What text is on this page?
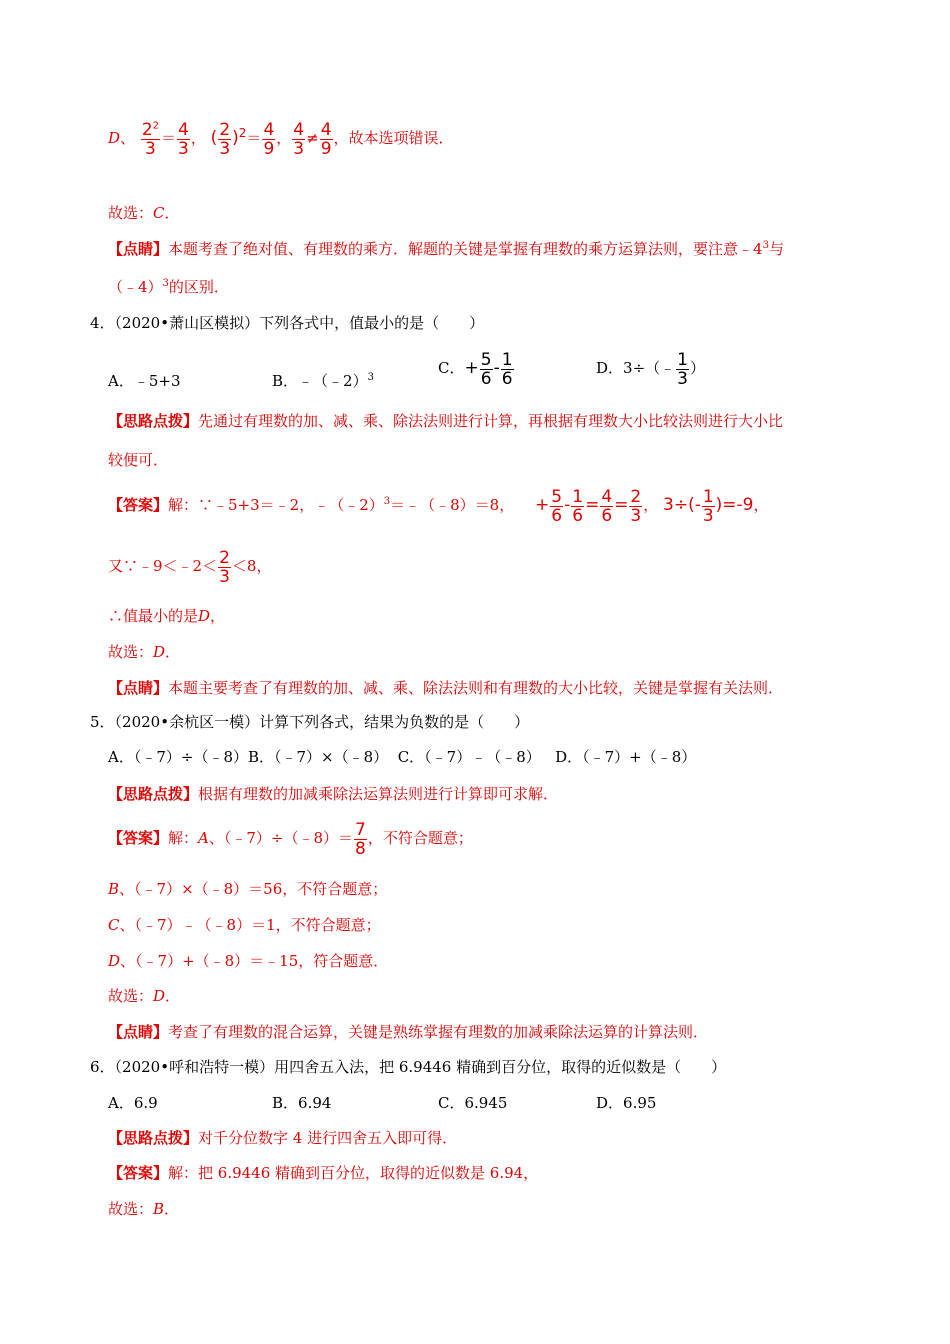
D、 $\frac{2^2}{3} = \frac{4}{3}$ ， ( $\frac{2}{3} )^2= \frac{4}{9}$ ， $\frac{4}{3} \ne \frac{4}{9}$ ，故本选项错误．
故选：C．
【点睛】本题考查了绝对值、有理数的乘方．解题的关键是掌握有理数的乘方运算法则，要注意$﹣4^3$与
（﹣4）$^3$的区别．
4．（2020•萧山区模拟）下列各式中，值最小的是（　　）
A．﹣5+3	B．﹣（﹣2）$^3$
C．+ $\frac{5}{6} - \frac{1}{6}$	D．3÷（﹣ $\frac{1}{3}$ ）
【思路点拨】先通过有理数的加、减、乘、除法法则进行计算，再根据有理数大小比较法则进行大小比
较便可．
【答案】解：∵﹣5+3＝﹣2，﹣（﹣2）$^3$＝﹣（﹣8）＝8， + $\frac{5}{6} - \frac{1}{6} = \frac{4}{6} = \frac{2}{3}$ ， $3\div(- \frac{1}{3} )=-9$，
又∵﹣9＜﹣2＜ $\frac{2}{3} <8$，
∴值最小的是D，
故选：D．
【点睛】本题主要考查了有理数的加、减、乘、除法法则和有理数的大小比较，关键是掌握有关法则．
5．（2020•余杭区一模）计算下列各式，结果为负数的是（　　）
A．（﹣7）÷（﹣8）B．（﹣7）×（﹣8）  C．（﹣7）﹣（﹣8）   D．（﹣7）+（﹣8）
【思路点拨】根据有理数的加减乘除法运算法则进行计算即可求解．
【答案】解：A、（﹣7）÷（﹣8）＝ $\frac{7}{8}$ ，不符合题意；
B、（﹣7）×（﹣8）＝56，不符合题意；
C、（﹣7）﹣（﹣8）＝1，不符合题意；
D、（﹣7）+（﹣8）＝﹣15，符合题意．
故选：D．
【点睛】考查了有理数的混合运算，关键是熟练掌握有理数的加减乘除法运算的计算法则．
6．（2020•呼和浩特一模）用四舍五入法，把 6.9446 精确到百分位，取得的近似数是（　　）
A．6.9	B．6.94	C．6.945	D．6.95
【思路点拨】对千分位数字 4 进行四舍五入即可得．
【答案】解：把 6.9446 精确到百分位，取得的近似数是 6.94，
故选：B．
